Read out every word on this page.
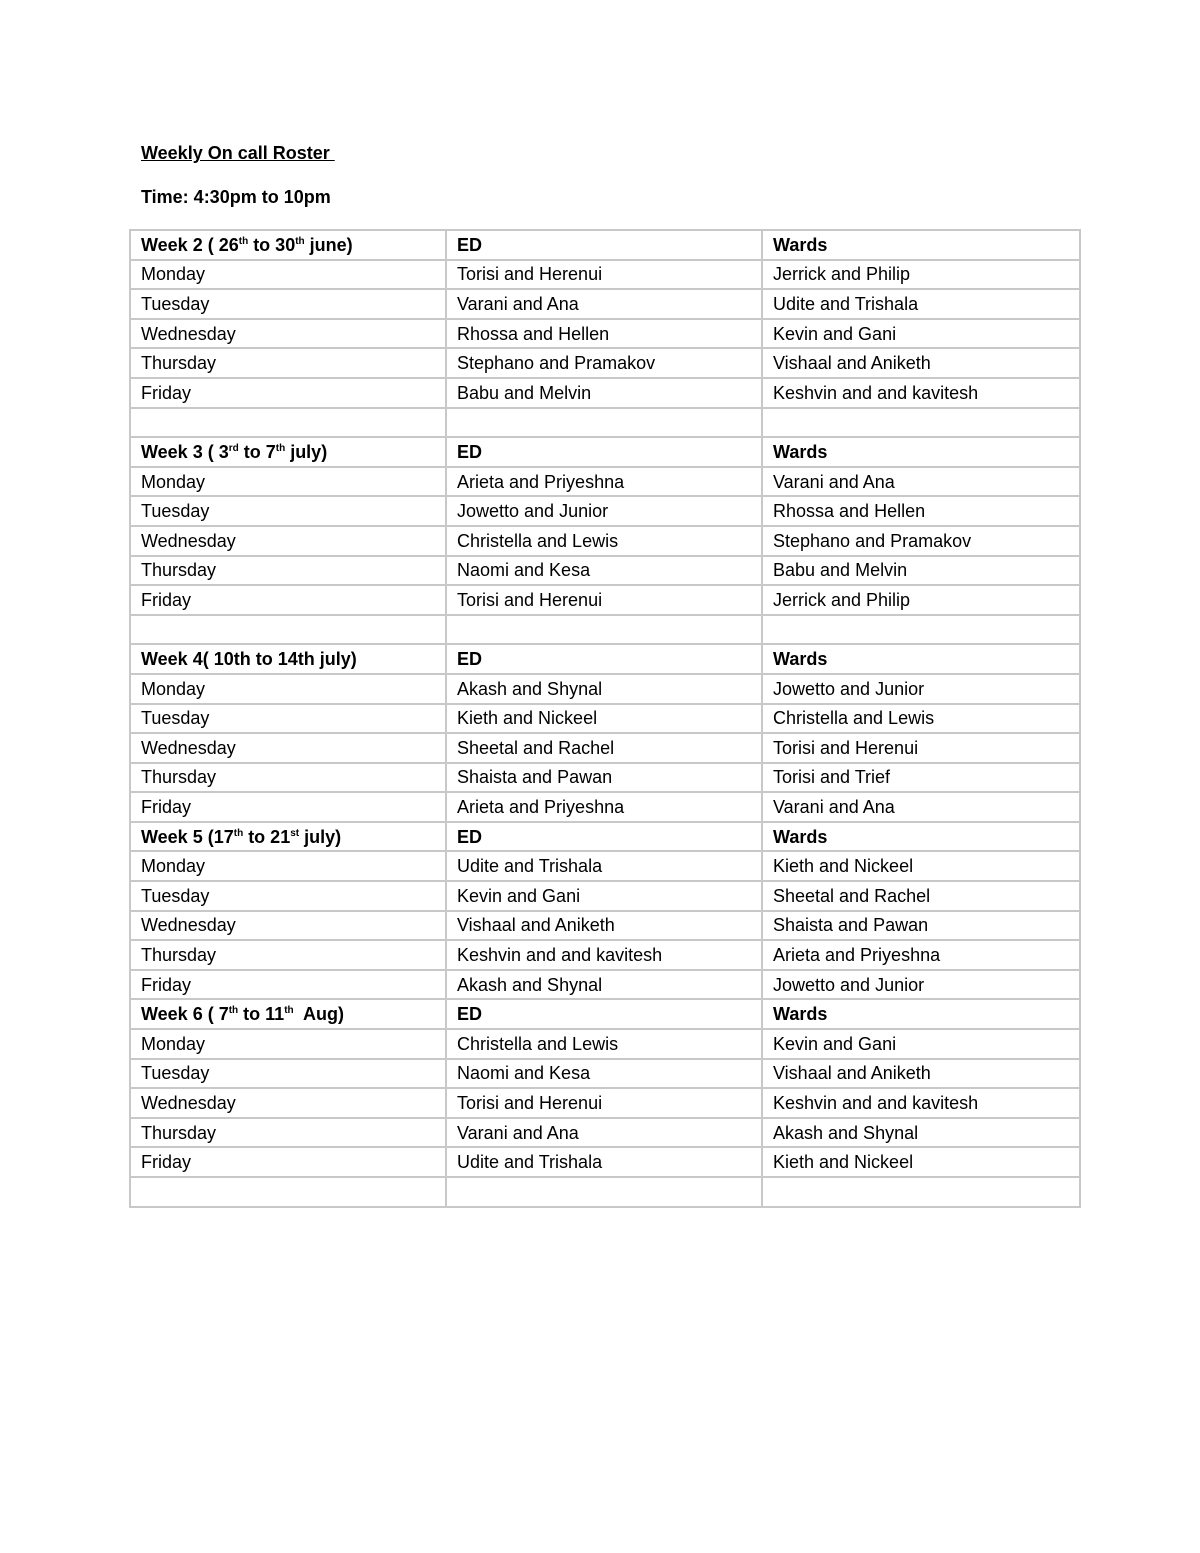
Weekly On call Roster
Time: 4:30pm to 10pm
Week 2 ( 26th to 30th june)	ED	Wards
Monday	Torisi and Herenui	Jerrick and Philip
Tuesday	Varani and Ana	Udite and Trishala
Wednesday	Rhossa and Hellen	Kevin and Gani
Thursday	Stephano and Pramakov	Vishaal and Aniketh
Friday	Babu and Melvin	Keshvin and and kavitesh

Week 3 ( 3rd to 7th july)	ED	Wards
Monday	Arieta and Priyeshna	Varani and Ana
Tuesday	Jowetto and Junior	Rhossa and Hellen
Wednesday	Christella and Lewis	Stephano and Pramakov
Thursday	Naomi and Kesa	Babu and Melvin
Friday	Torisi and Herenui	Jerrick and Philip

Week 4( 10th to 14th july)	ED	Wards
Monday	Akash and Shynal	Jowetto and Junior
Tuesday	Kieth and Nickeel	Christella and Lewis
Wednesday	Sheetal and Rachel	Torisi and Herenui
Thursday	Shaista and Pawan	Torisi and Trief
Friday	Arieta and Priyeshna	Varani and Ana
Week 5 (17th to 21st july)	ED	Wards
Monday	Udite and Trishala	Kieth and Nickeel
Tuesday	Kevin and Gani	Sheetal and Rachel
Wednesday	Vishaal and Aniketh	Shaista and Pawan
Thursday	Keshvin and and kavitesh	Arieta and Priyeshna
Friday	Akash and Shynal	Jowetto and Junior
Week 6 ( 7th to 11th  Aug)	ED	Wards
Monday	Christella and Lewis	Kevin and Gani
Tuesday	Naomi and Kesa	Vishaal and Aniketh
Wednesday	Torisi and Herenui	Keshvin and and kavitesh
Thursday	Varani and Ana	Akash and Shynal
Friday	Udite and Trishala	Kieth and Nickeel
